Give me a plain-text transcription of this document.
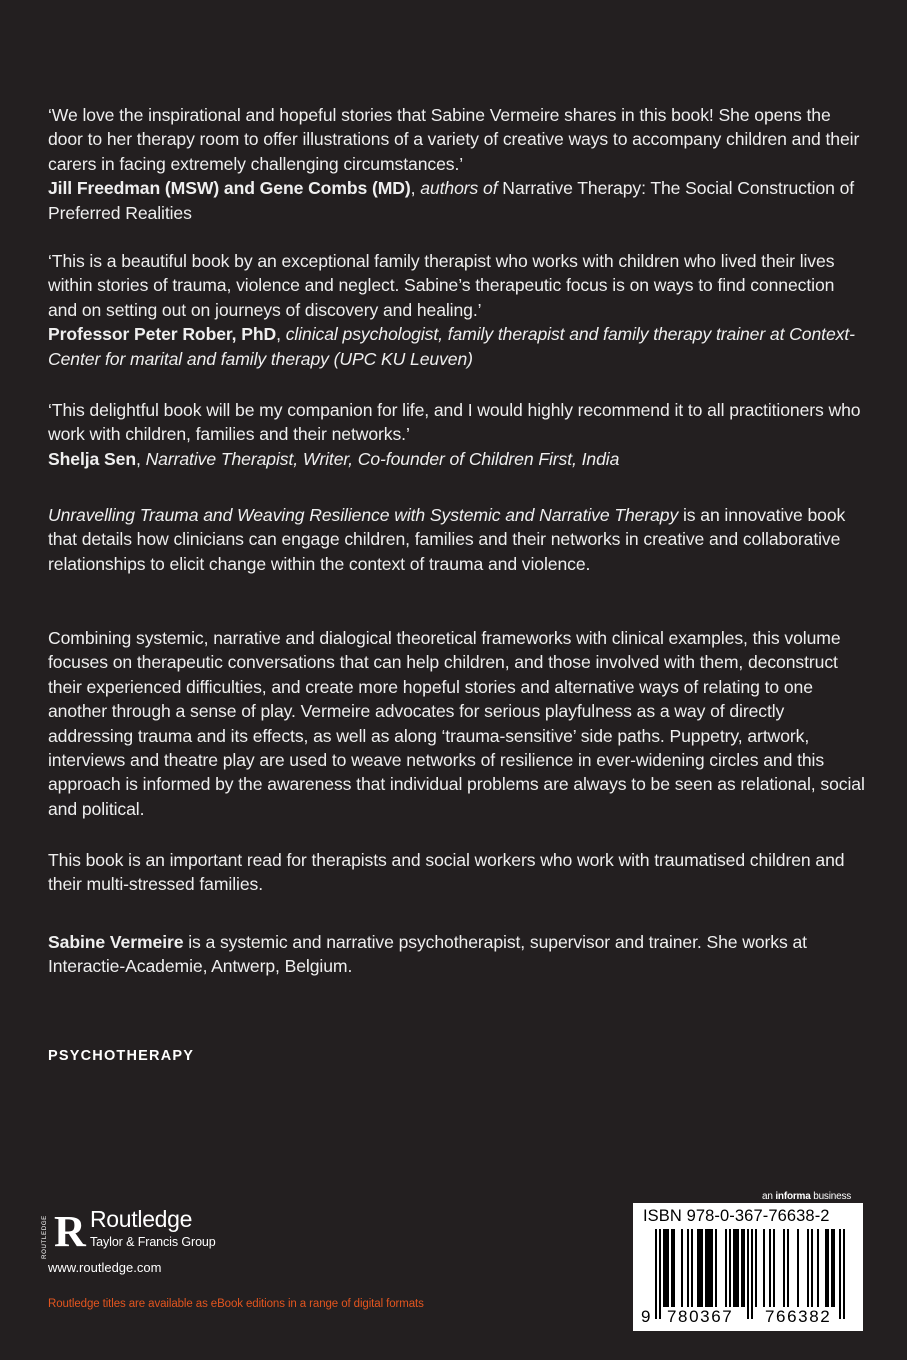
‘We love the inspirational and hopeful stories that Sabine Vermeire shares in this book! She opens the door to her therapy room to offer illustrations of a variety of creative ways to accompany children and their carers in facing extremely challenging circumstances.’
Jill Freedman (MSW) and Gene Combs (MD), authors of Narrative Therapy: The Social Construction of Preferred Realities
‘This is a beautiful book by an exceptional family therapist who works with children who lived their lives within stories of trauma, violence and neglect. Sabine’s therapeutic focus is on ways to find connection and on setting out on journeys of discovery and healing.’
Professor Peter Rober, PhD, clinical psychologist, family therapist and family therapy trainer at Context-Center for marital and family therapy (UPC KU Leuven)
‘This delightful book will be my companion for life, and I would highly recommend it to all practitioners who work with children, families and their networks.’
Shelja Sen, Narrative Therapist, Writer, Co-founder of Children First, India
Unravelling Trauma and Weaving Resilience with Systemic and Narrative Therapy is an innovative book that details how clinicians can engage children, families and their networks in creative and collaborative relationships to elicit change within the context of trauma and violence.
Combining systemic, narrative and dialogical theoretical frameworks with clinical examples, this volume focuses on therapeutic conversations that can help children, and those involved with them, deconstruct their experienced difficulties, and create more hopeful stories and alternative ways of relating to one another through a sense of play. Vermeire advocates for serious playfulness as a way of directly addressing trauma and its effects, as well as along ‘trauma-sensitive’ side paths. Puppetry, artwork, interviews and theatre play are used to weave networks of resilience in ever-widening circles and this approach is informed by the awareness that individual problems are always to be seen as relational, social and political.
This book is an important read for therapists and social workers who work with traumatised children and their multi-stressed families.
Sabine Vermeire is a systemic and narrative psychotherapist, supervisor and trainer. She works at Interactie-Academie, Antwerp, Belgium.
PSYCHOTHERAPY
ROUTLEDGE R Routledge
Taylor & Francis Group
www.routledge.com
Routledge titles are available as eBook editions in a range of digital formats
an informa business
ISBN 978-0-367-76638-2
9 780367 766382
